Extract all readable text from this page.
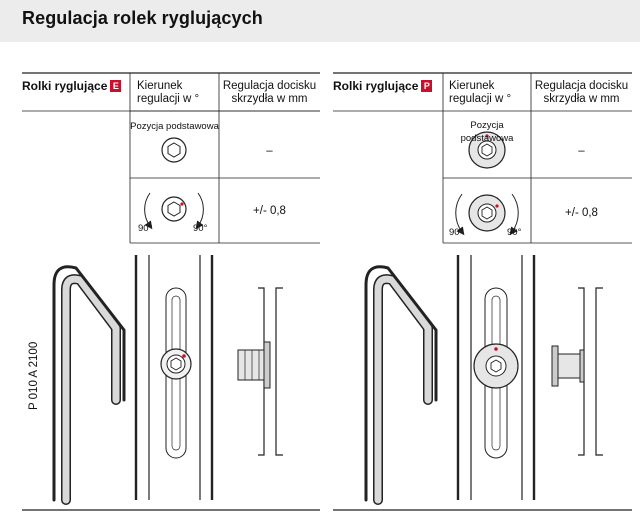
Regulacja rolek ryglujących
Rolki ryglujące E Kierunek
regulacji w °
Regulacja docisku
skrzydła w mm
Pozycja podstawowa
–
+/- 0,8
90°	90°
P 010 A 2100
Rolki ryglujące P Kierunek
regulacji w °
Regulacja docisku
skrzydła w mm
Pozycja podstawowa
–
+/- 0,8
90°	90°
